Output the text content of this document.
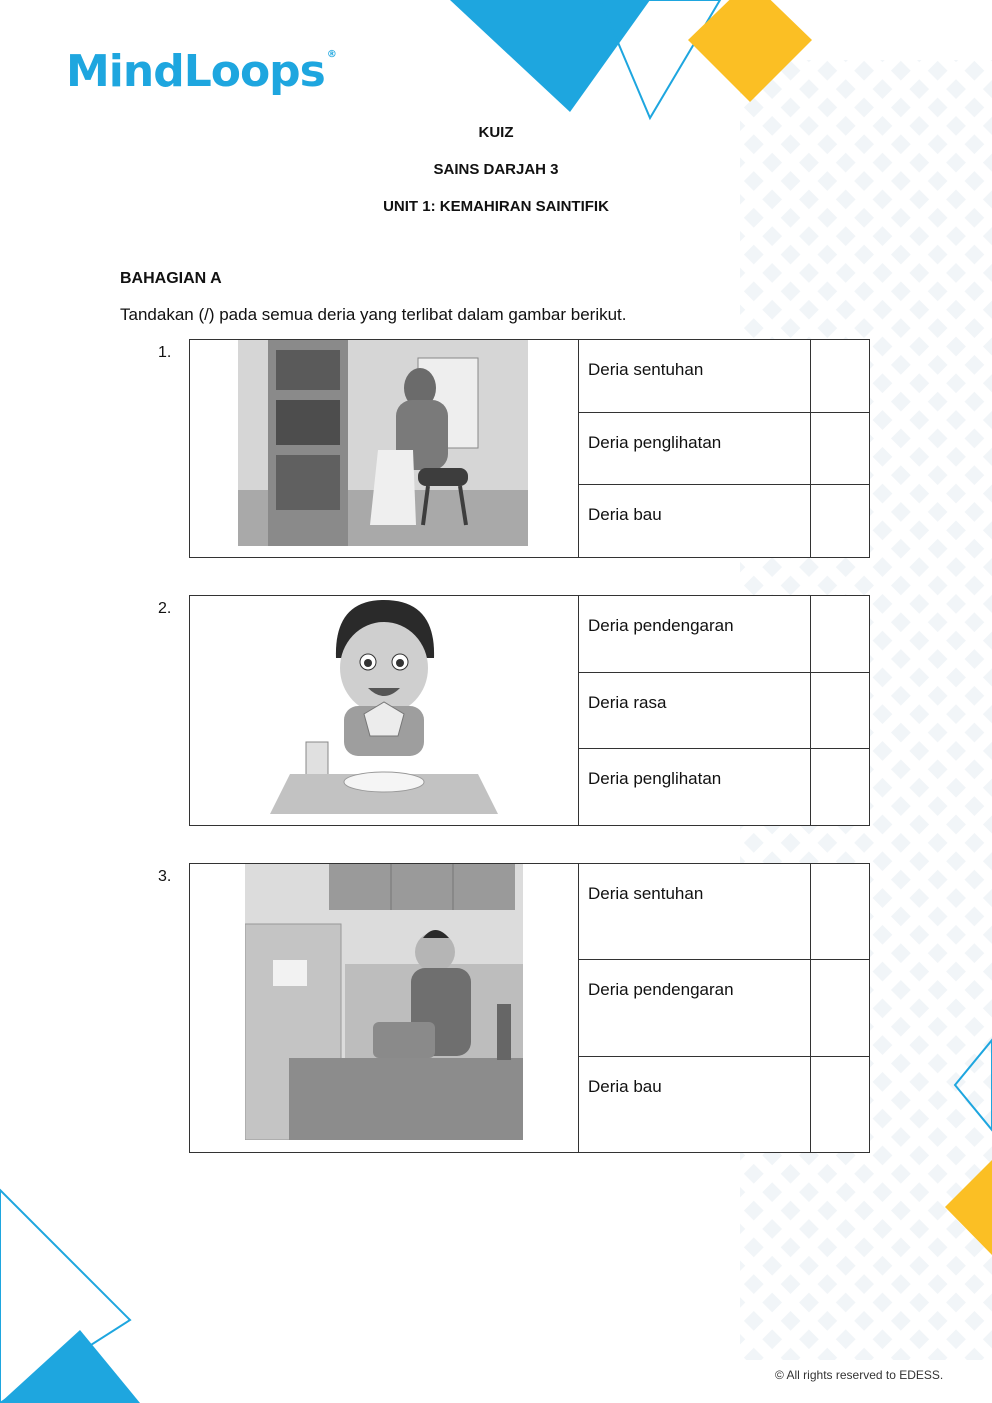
MindLoops ®
KUIZ
SAINS DARJAH 3
UNIT 1: KEMAHIRAN SAINTIFIK
BAHAGIAN A
Tandakan (/) pada semua deria yang terlibat dalam gambar berikut.
1.
Deria sentuhan
Deria penglihatan
Deria bau
2.
Deria pendengaran
Deria rasa
Deria penglihatan
3.
Deria sentuhan
Deria pendengaran
Deria bau
© All rights reserved to EDESS.
